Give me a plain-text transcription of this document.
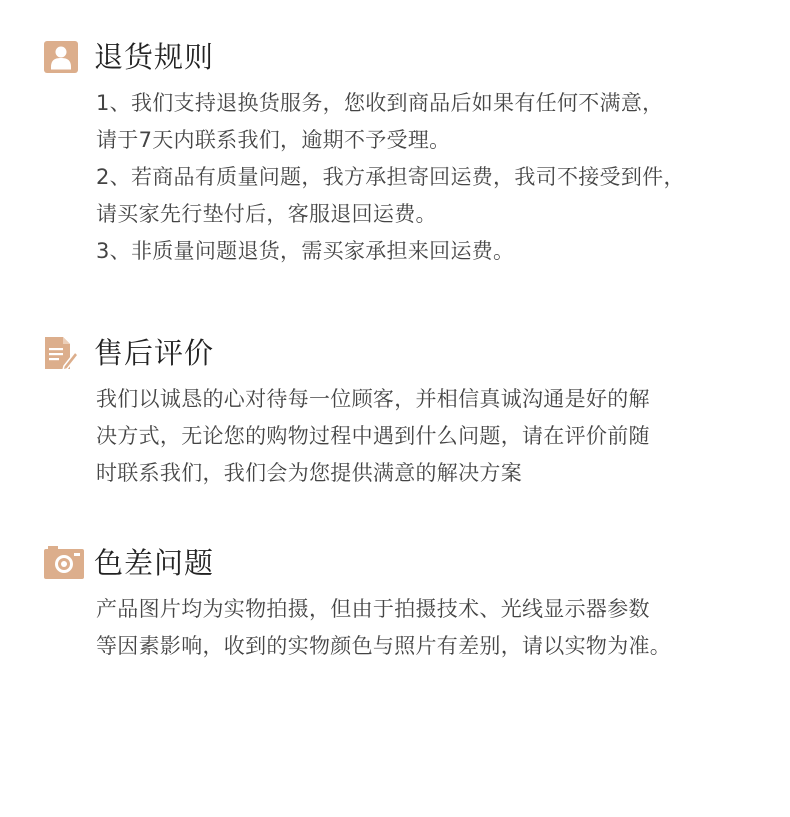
退货规则
1、我们支持退换货服务，您收到商品后如果有任何不满意，
请于7天内联系我们，逾期不予受理。
2、若商品有质量问题，我方承担寄回运费，我司不接受到件，
请买家先行垫付后，客服退回运费。
3、非质量问题退货，需买家承担来回运费。
售后评价
我们以诚恳的心对待每一位顾客，并相信真诚沟通是好的解
决方式，无论您的购物过程中遇到什么问题，请在评价前随
时联系我们，我们会为您提供满意的解决方案
色差问题
产品图片均为实物拍摄，但由于拍摄技术、光线显示器参数
等因素影响，收到的实物颜色与照片有差别，请以实物为准。
